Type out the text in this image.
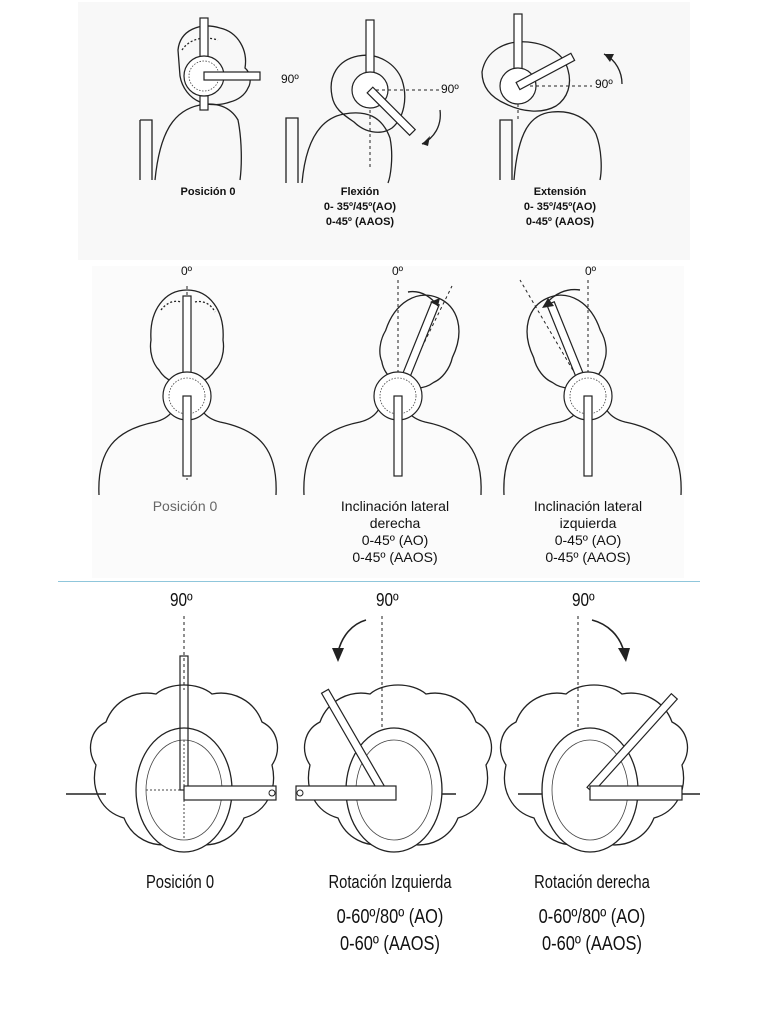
90º
90º	90º
Posición 0	Flexión
0- 35º/45º(AO)
0-45º (AAOS)
Extensión
0- 35º/45º(AO)
0-45º (AAOS)
0º	0º	0º
Posición 0	Inclinación lateral
derecha
0-45º (AO)
0-45º (AAOS)
Inclinación lateral
izquierda
0-45º (AO)
0-45º (AAOS)
90º	90º	90º
Posición 0	Rotación Izquierda
0-60º/80º (AO)
0-60º (AAOS)
Rotación derecha
0-60º/80º (AO)
0-60º (AAOS)
